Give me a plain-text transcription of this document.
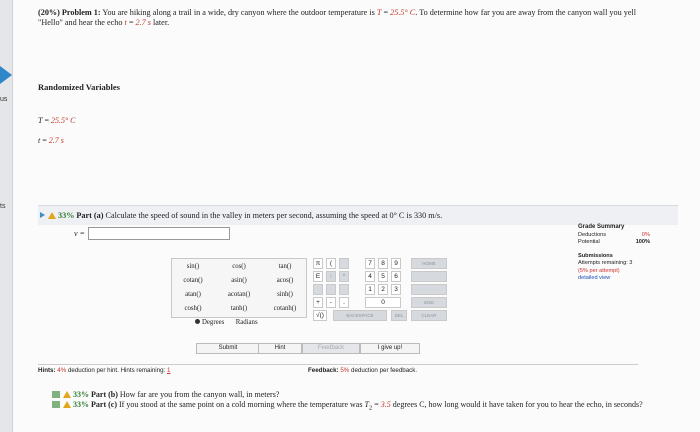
us
ts
(20%) Problem 1: You are hiking along a trail in a wide, dry canyon where the outdoor temperature is T = 25.5° C. To determine how far you are away from the canyon wall you yell "Hello" and hear the echo t = 2.7 s later.
Randomized Variables
T = 25.5° C
t = 2.7 s
33% Part (a) Calculate the speed of sound in the valley in meters per second, assuming the speed at 0° C is 330 m/s.
v =
Grade Summary
Deductions	0%
Potential	100%
Submissions
Attempts remaining: 3
(5% per attempt)
detailed view
sin()	cos()	tan()
cotan()	asin()	acos()
atan()	acotan()	sinh()
cosh()	tanh()	cotanh()
Degrees Radians
π	(
E	↑	^
+	-	.
√()
7	8	9
4	5	6
1	2	3
0
HOME
END
BACKSPACE	DEL	CLEAR
Submit	Hint	Feedback	I give up!
Hints: 4% deduction per hint. Hints remaining: 1	Feedback: 5% deduction per feedback.
33% Part (b) How far are you from the canyon wall, in meters?
33% Part (c) If you stood at the same point on a cold morning where the temperature was $T_2 = 3.5$ degrees C, how long would it have taken for you to hear the echo, in seconds?
